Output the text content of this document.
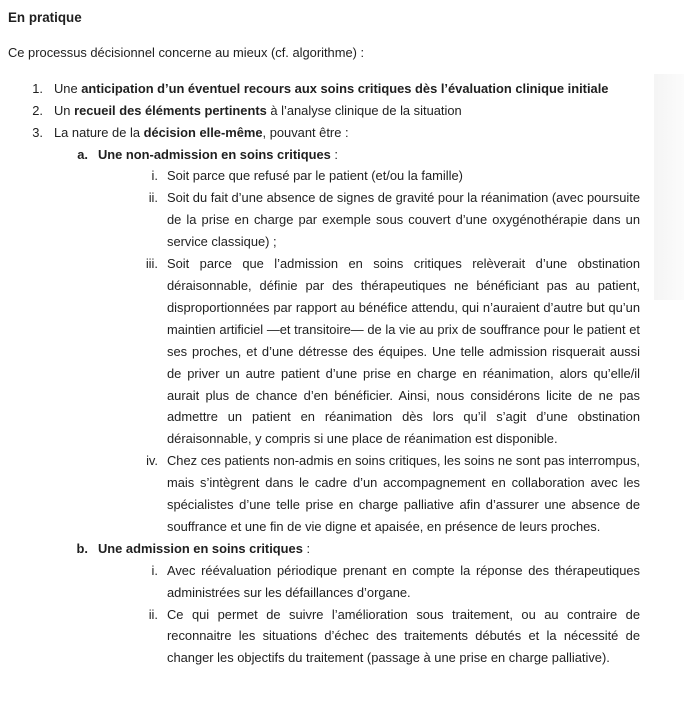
En pratique
Ce processus décisionnel concerne au mieux (cf. algorithme) :
1. Une anticipation d’un éventuel recours aux soins critiques dès l’évaluation clinique initiale
2. Un recueil des éléments pertinents à l’analyse clinique de la situation
3. La nature de la décision elle-même, pouvant être :
a. Une non-admission en soins critiques :
i. Soit parce que refusé par le patient (et/ou la famille)
ii. Soit du fait d’une absence de signes de gravité pour la réanimation (avec poursuite de la prise en charge par exemple sous couvert d’une oxygénothérapie dans un service classique) ;
iii. Soit parce que l’admission en soins critiques relèverait d’une obstination déraisonnable, définie par des thérapeutiques ne bénéficiant pas au patient, disproportionnées par rapport au bénéfice attendu, qui n’auraient d’autre but qu’un maintien artificiel —et transitoire— de la vie au prix de souffrance pour le patient et ses proches, et d’une détresse des équipes. Une telle admission risquerait aussi de priver un autre patient d’une prise en charge en réanimation, alors qu’elle/il aurait plus de chance d’en bénéficier. Ainsi, nous considérons licite de ne pas admettre un patient en réanimation dès lors qu’il s’agit d’une obstination déraisonnable, y compris si une place de réanimation est disponible.
iv. Chez ces patients non-admis en soins critiques, les soins ne sont pas interrompus, mais s’intègrent dans le cadre d’un accompagnement en collaboration avec les spécialistes d’une telle prise en charge palliative afin d’assurer une absence de souffrance et une fin de vie digne et apaisée, en présence de leurs proches.
b. Une admission en soins critiques :
i. Avec réévaluation périodique prenant en compte la réponse des thérapeutiques administrées sur les défaillances d’organe.
ii. Ce qui permet de suivre l’amélioration sous traitement, ou au contraire de reconnaitre les situations d’échec des traitements débutés et la nécessité de changer les objectifs du traitement (passage à une prise en charge palliative).
